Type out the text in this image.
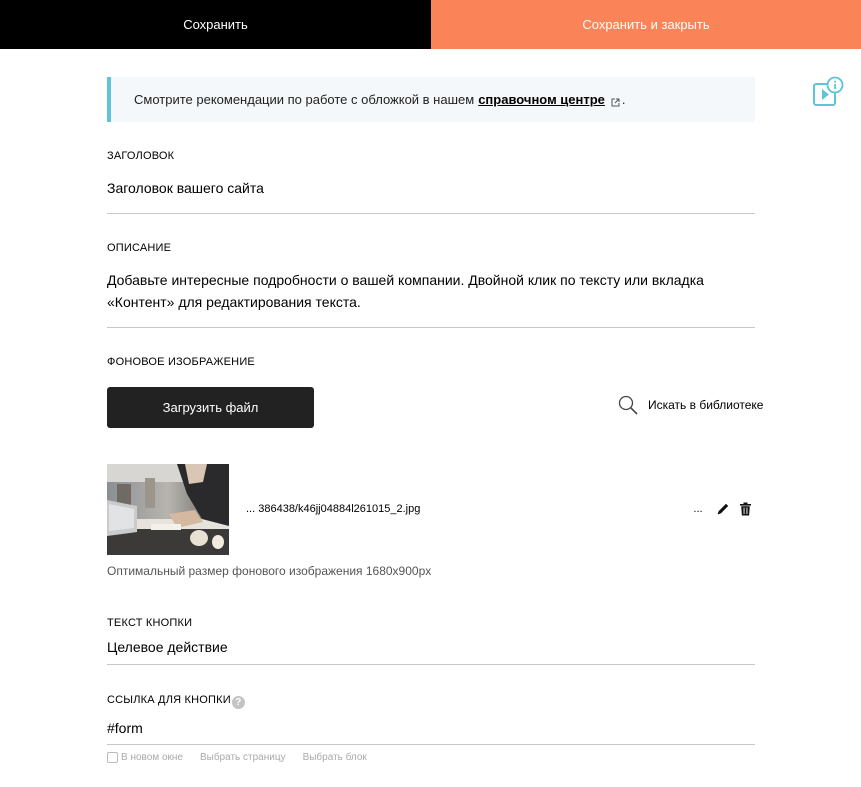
Сохранить	Сохранить и закрыть
Смотрите рекомендации по работе с обложкой в нашем справочном центре .
ЗАГОЛОВОК
Заголовок вашего сайта
ОПИСАНИЕ
Добавьте интересные подробности о вашей компании. Двойной клик по тексту или вкладка
«Контент» для редактирования текста.
ФОНОВОЕ ИЗОБРАЖЕНИЕ
Загрузить файл	Искать в библиотеке
... 386438/k46jj04884l261015_2.jpg	...
Оптимальный размер фонового изображения 1680x900px
ТЕКСТ КНОПКИ
Целевое действие
ССЫЛКА ДЛЯ КНОПКИ ?
#form
В новом окне Выбрать страницу Выбрать блок
